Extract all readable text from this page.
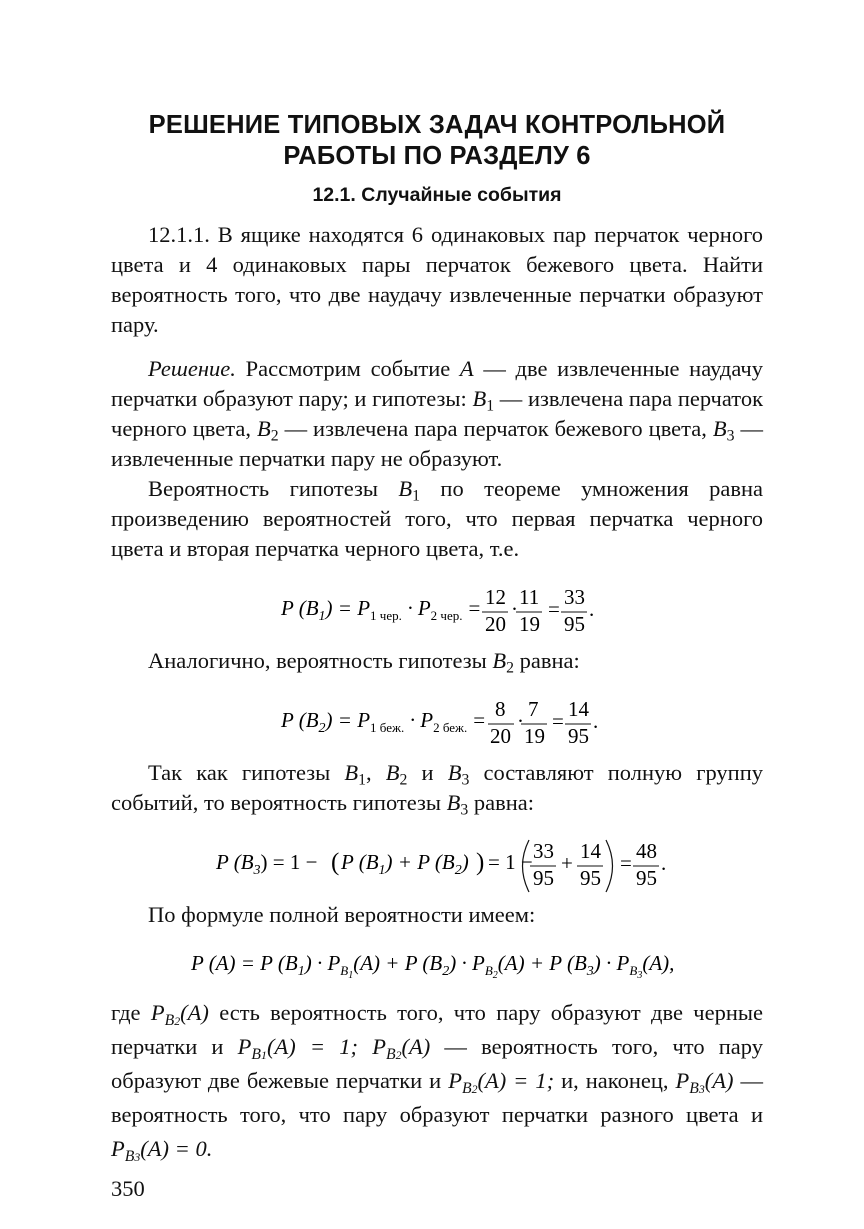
РЕШЕНИЕ ТИПОВЫХ ЗАДАЧ КОНТРОЛЬНОЙ
РАБОТЫ ПО РАЗДЕЛУ 6
12.1. Случайные события

12.1.1. В ящике находятся 6 одинаковых пар перчаток черного цвета и 4 одинаковых пары перчаток бежевого цвета. Найти вероятность того, что две наудачу извлеченные перчатки образуют пару.

Решение. Рассмотрим событие A — две извлеченные наудачу перчатки образуют пару; и гипотезы: $B_1$ — извлечена пара перчаток черного цвета, $B_2$ — извлечена пара перчаток бежевого цвета, $B_3$ — извлеченные перчатки пару не образуют.

Вероятность гипотезы $B_1$ по теореме умножения равна произведению вероятностей того, что первая перчатка черного цвета и вторая перчатка черного цвета, т.е.

P $(B_1) = P_{1 чер.} \cdot P_{2 чер.} = 12$
20
· 11
19
= 33
95
.

Аналогично, вероятность гипотезы $B_2$ равна:

P $(B_2) = P_{1 беж.} \cdot P_{2 беж.} = 8$
20
· 7
19
= 14
95
.

Так как гипотезы $B_1$, $B_2$ и $B_3$ составляют полную группу событий, то вероятность гипотезы $B_3$ равна:

P $(B_3) = 1$ − ( P $(B_1) + P$ $(B_2)$ ) = 1 − 33
95
+ 14
95
= 48
95
.

По формуле полной вероятности имеем:

P (A) = P $(B_1) \cdot P_B1(A) + P$ $(B_2) \cdot P_B2(A) + P$ $(B_3) \cdot P_B3(A)$,

где $P_{B2}(A)$ есть вероятность того, что пару образуют две черные перчатки и $P_{B1}(A) = 1$; $P_{B2}(A)$ — вероятность того, что пару образуют две бежевые перчатки и $P_{B2}(A) = 1$; и, наконец, $P_{B3}(A)$ — вероятность того, что пару образуют перчатки разного цвета и $P_{B3}(A) = 0$.

350
